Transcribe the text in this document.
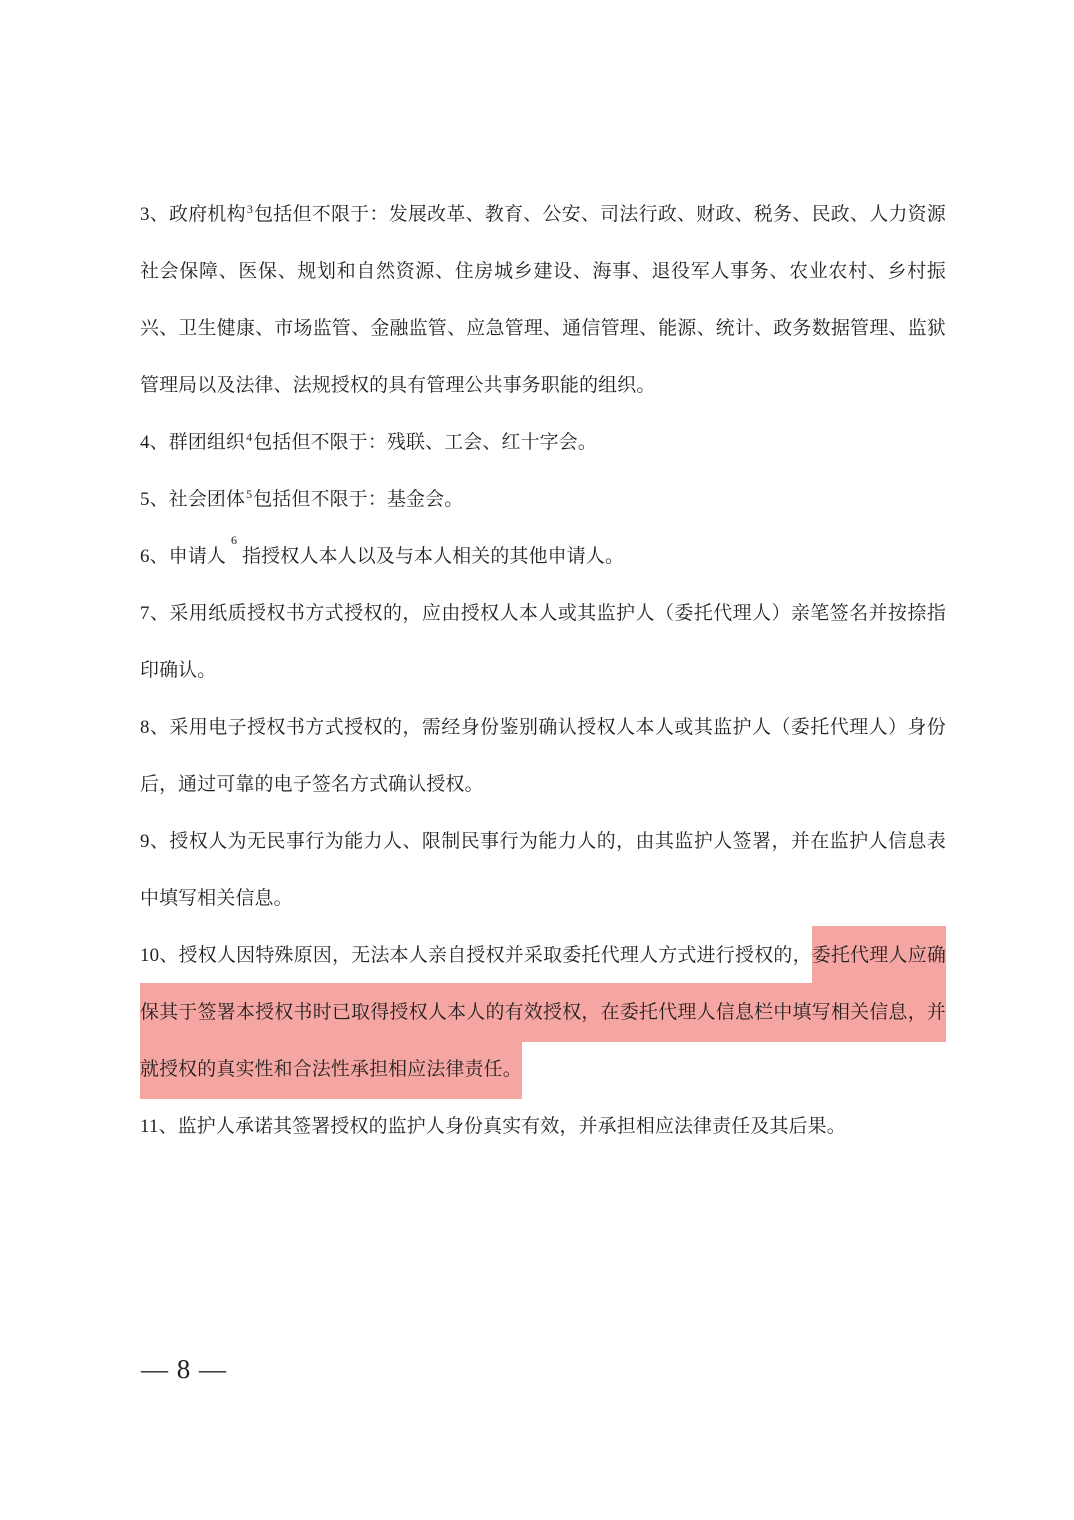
3、政府机构$^3$包括但不限于：发展改革、教育、公安、司法行政、财政、税务、民政、人力资源社会保障、医保、规划和自然资源、住房城乡建设、海事、退役军人事务、农业农村、乡村振兴、卫生健康、市场监管、金融监管、应急管理、通信管理、能源、统计、政务数据管理、监狱管理局以及法律、法规授权的具有管理公共事务职能的组织。

4、群团组织$^4$包括但不限于：残联、工会、红十字会。

5、社会团体$^5$包括但不限于：基金会。

6、申请人$^6$指授权人本人以及与本人相关的其他申请人。

7、采用纸质授权书方式授权的，应由授权人本人或其监护人（委托代理人）亲笔签名并按捺指印确认。

8、采用电子授权书方式授权的，需经身份鉴别确认授权人本人或其监护人（委托代理人）身份后，通过可靠的电子签名方式确认授权。

9、授权人为无民事行为能力人、限制民事行为能力人的，由其监护人签署，并在监护人信息表中填写相关信息。

10、授权人因特殊原因，无法本人亲自授权并采取委托代理人方式进行授权的，委托代理人应确保其于签署本授权书时已取得授权人本人的有效授权，在委托代理人信息栏中填写相关信息，并就授权的真实性和合法性承担相应法律责任。

11、监护人承诺其签署授权的监护人身份真实有效，并承担相应法律责任及其后果。

— 8 —
